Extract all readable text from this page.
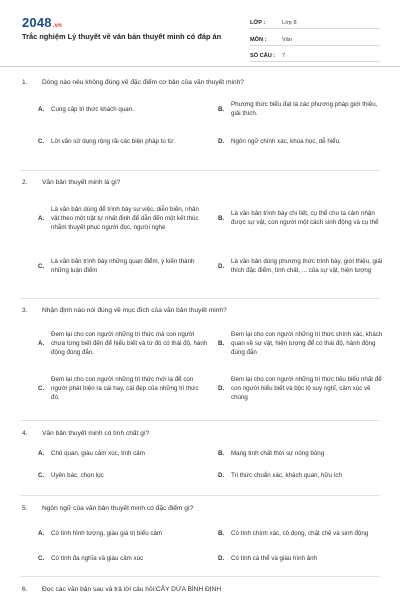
2048.vn
Trắc nghiệm Lý thuyết về văn bản thuyết minh có đáp án
LỚP :	Lớp 8
MÔN :	Văn
SỐ CÂU :	7
1.	Dòng nào nêu không đúng về đặc điểm cơ bản của văn thuyết minh?
A.	Cung cấp tri thức khách quan.	B.
Phương thức biểu đạt là các phương pháp giới thiệu, giải thích.
C.	Lời văn sử dụng rộng rãi các biện pháp tu từ.	D.	Ngôn ngữ chính xác, khoa học, dễ hiểu.
2.	Văn bản thuyết minh là gì?
A.
Là văn bản dùng để trình bày sự việc, diễn biến, nhân vật theo một trật tự nhất định để dẫn đến một kết thúc nhằm thuyết phục người đọc, người nghe
B.
Là văn bản trình bày chi tiết, cụ thể cho ta cảm nhận được sự vật, con người một cách sinh động và cụ thể
C.
Là văn bản trình bày những quan điểm, ý kiến thành những luận điểm
D.
Là văn bản dùng phương thức trình bày, giới thiệu, giải thích đặc điểm, tính chất, ... của sự vật, hiện tượng
3.	Nhận định nào nói đúng về mục đích của văn bản thuyết minh?
A.
Đem lại cho con người những tri thức mà con người chưa từng biết đến để hiểu biết và từ đó có thái độ, hành động đúng đắn.
B.
Đem lại cho con người những tri thức chính xác, khách quan về sự vật, hiện tượng để có thái độ, hành động đúng đắn
C.
Đem lại cho con người những tri thức mới lạ để con người phát hiện ra cái hay, cái đẹp của những tri thức đó.
D.
Đem lại cho con người những tri thức tiêu biểu nhất để con người hiểu biết và bộc lộ suy nghĩ, cảm xúc về chúng
4.	Văn bản thuyết minh có tính chất gì?
A.	Chủ quan, giàu cảm xúc, tình cảm	B.	Mang tính chất thời sự nóng bỏng
C.	Uyên bác, chọn lọc	D.	Tri thức chuẩn xác, khách quan, hữu ích
5.	Ngôn ngữ của văn bản thuyết minh có đặc điểm gì?
A.	Có tính hình tượng, giàu giá trị biểu cảm	B.	Có tính chính xác, cô đọng, chặt chẽ và sinh động
C.	Có tính đa nghĩa và giàu cảm xúc	D.	Có tính cá thể và giàu hình ảnh
6.	Đọc các văn bản sau và trả lời câu hỏi:CÂY DỪA BÌNH ĐỊNH
